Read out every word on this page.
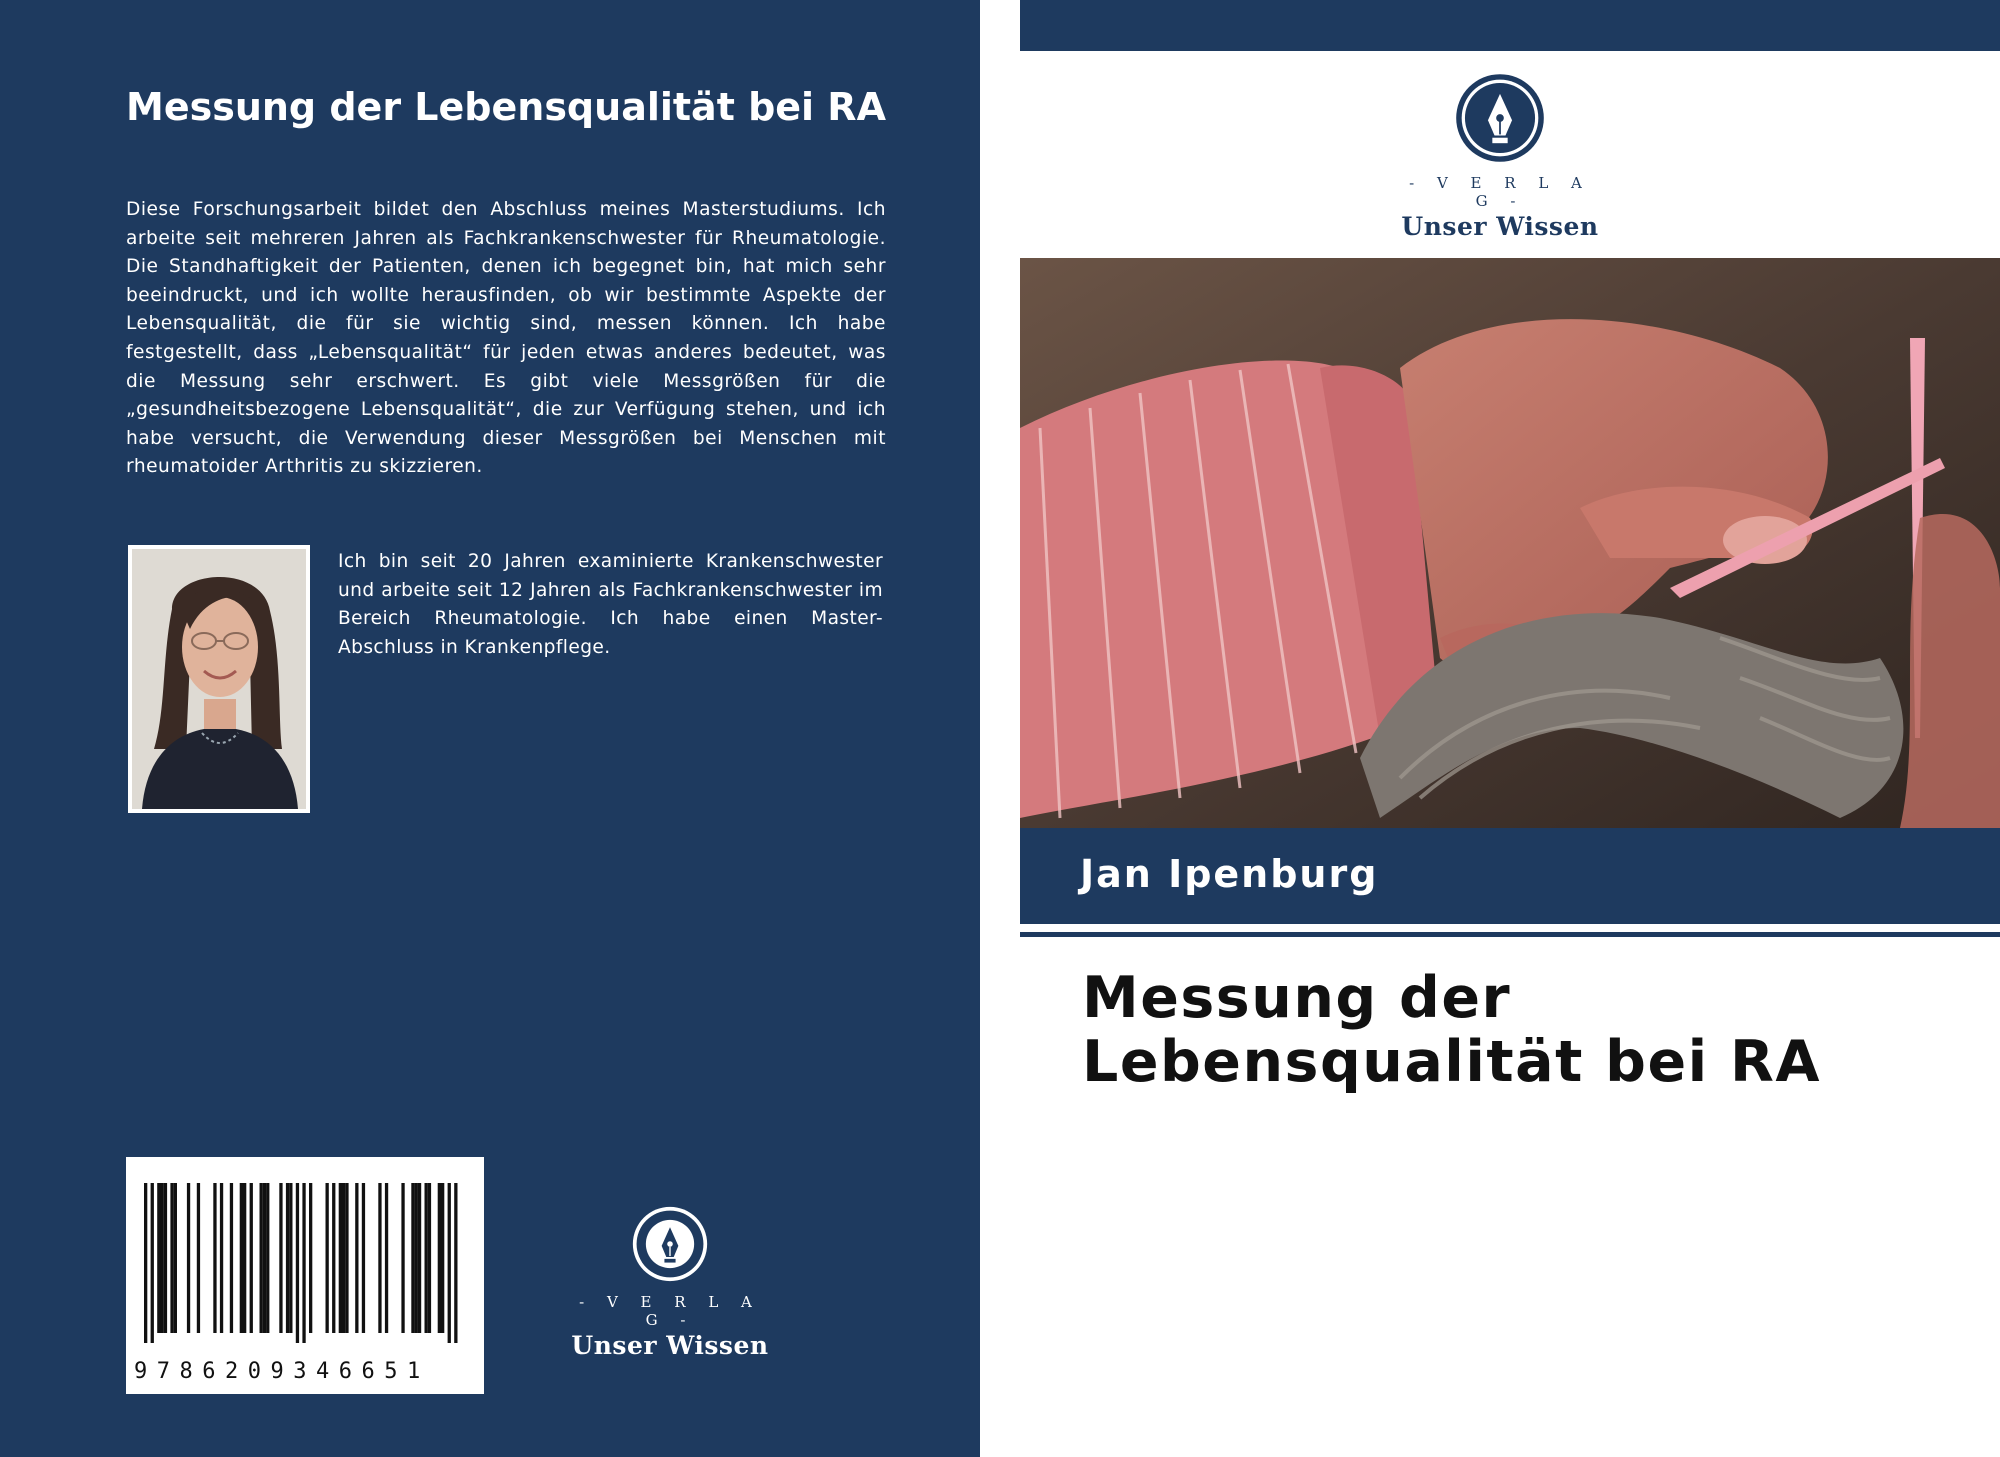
Messung der Lebensqualität bei RA

Diese Forschungsarbeit bildet den Abschluss meines Masterstudiums. Ich arbeite seit mehreren Jahren als Fachkrankenschwester für Rheumatologie. Die Standhaftigkeit der Patienten, denen ich begegnet bin, hat mich sehr beeindruckt, und ich wollte herausfinden, ob wir bestimmte Aspekte der Lebensqualität, die für sie wichtig sind, messen können. Ich habe festgestellt, dass „Lebensqualität“ für jeden etwas anderes bedeutet, was die Messung sehr erschwert. Es gibt viele Messgrößen für die „gesundheitsbezogene Lebensqualität“, die zur Verfügung stehen, und ich habe versucht, die Verwendung dieser Messgrößen bei Menschen mit rheumatoider Arthritis zu skizzieren.

Ich bin seit 20 Jahren examinierte Krankenschwester und arbeite seit 12 Jahren als Fachkrankenschwester im Bereich Rheumatologie. Ich habe einen Master-Abschluss in Krankenpflege.

9786209346651
- V E R L A G -
Unser Wissen
- V E R L A G -
Unser Wissen
Jan Ipenburg
Messung der Lebensqualität bei RA
